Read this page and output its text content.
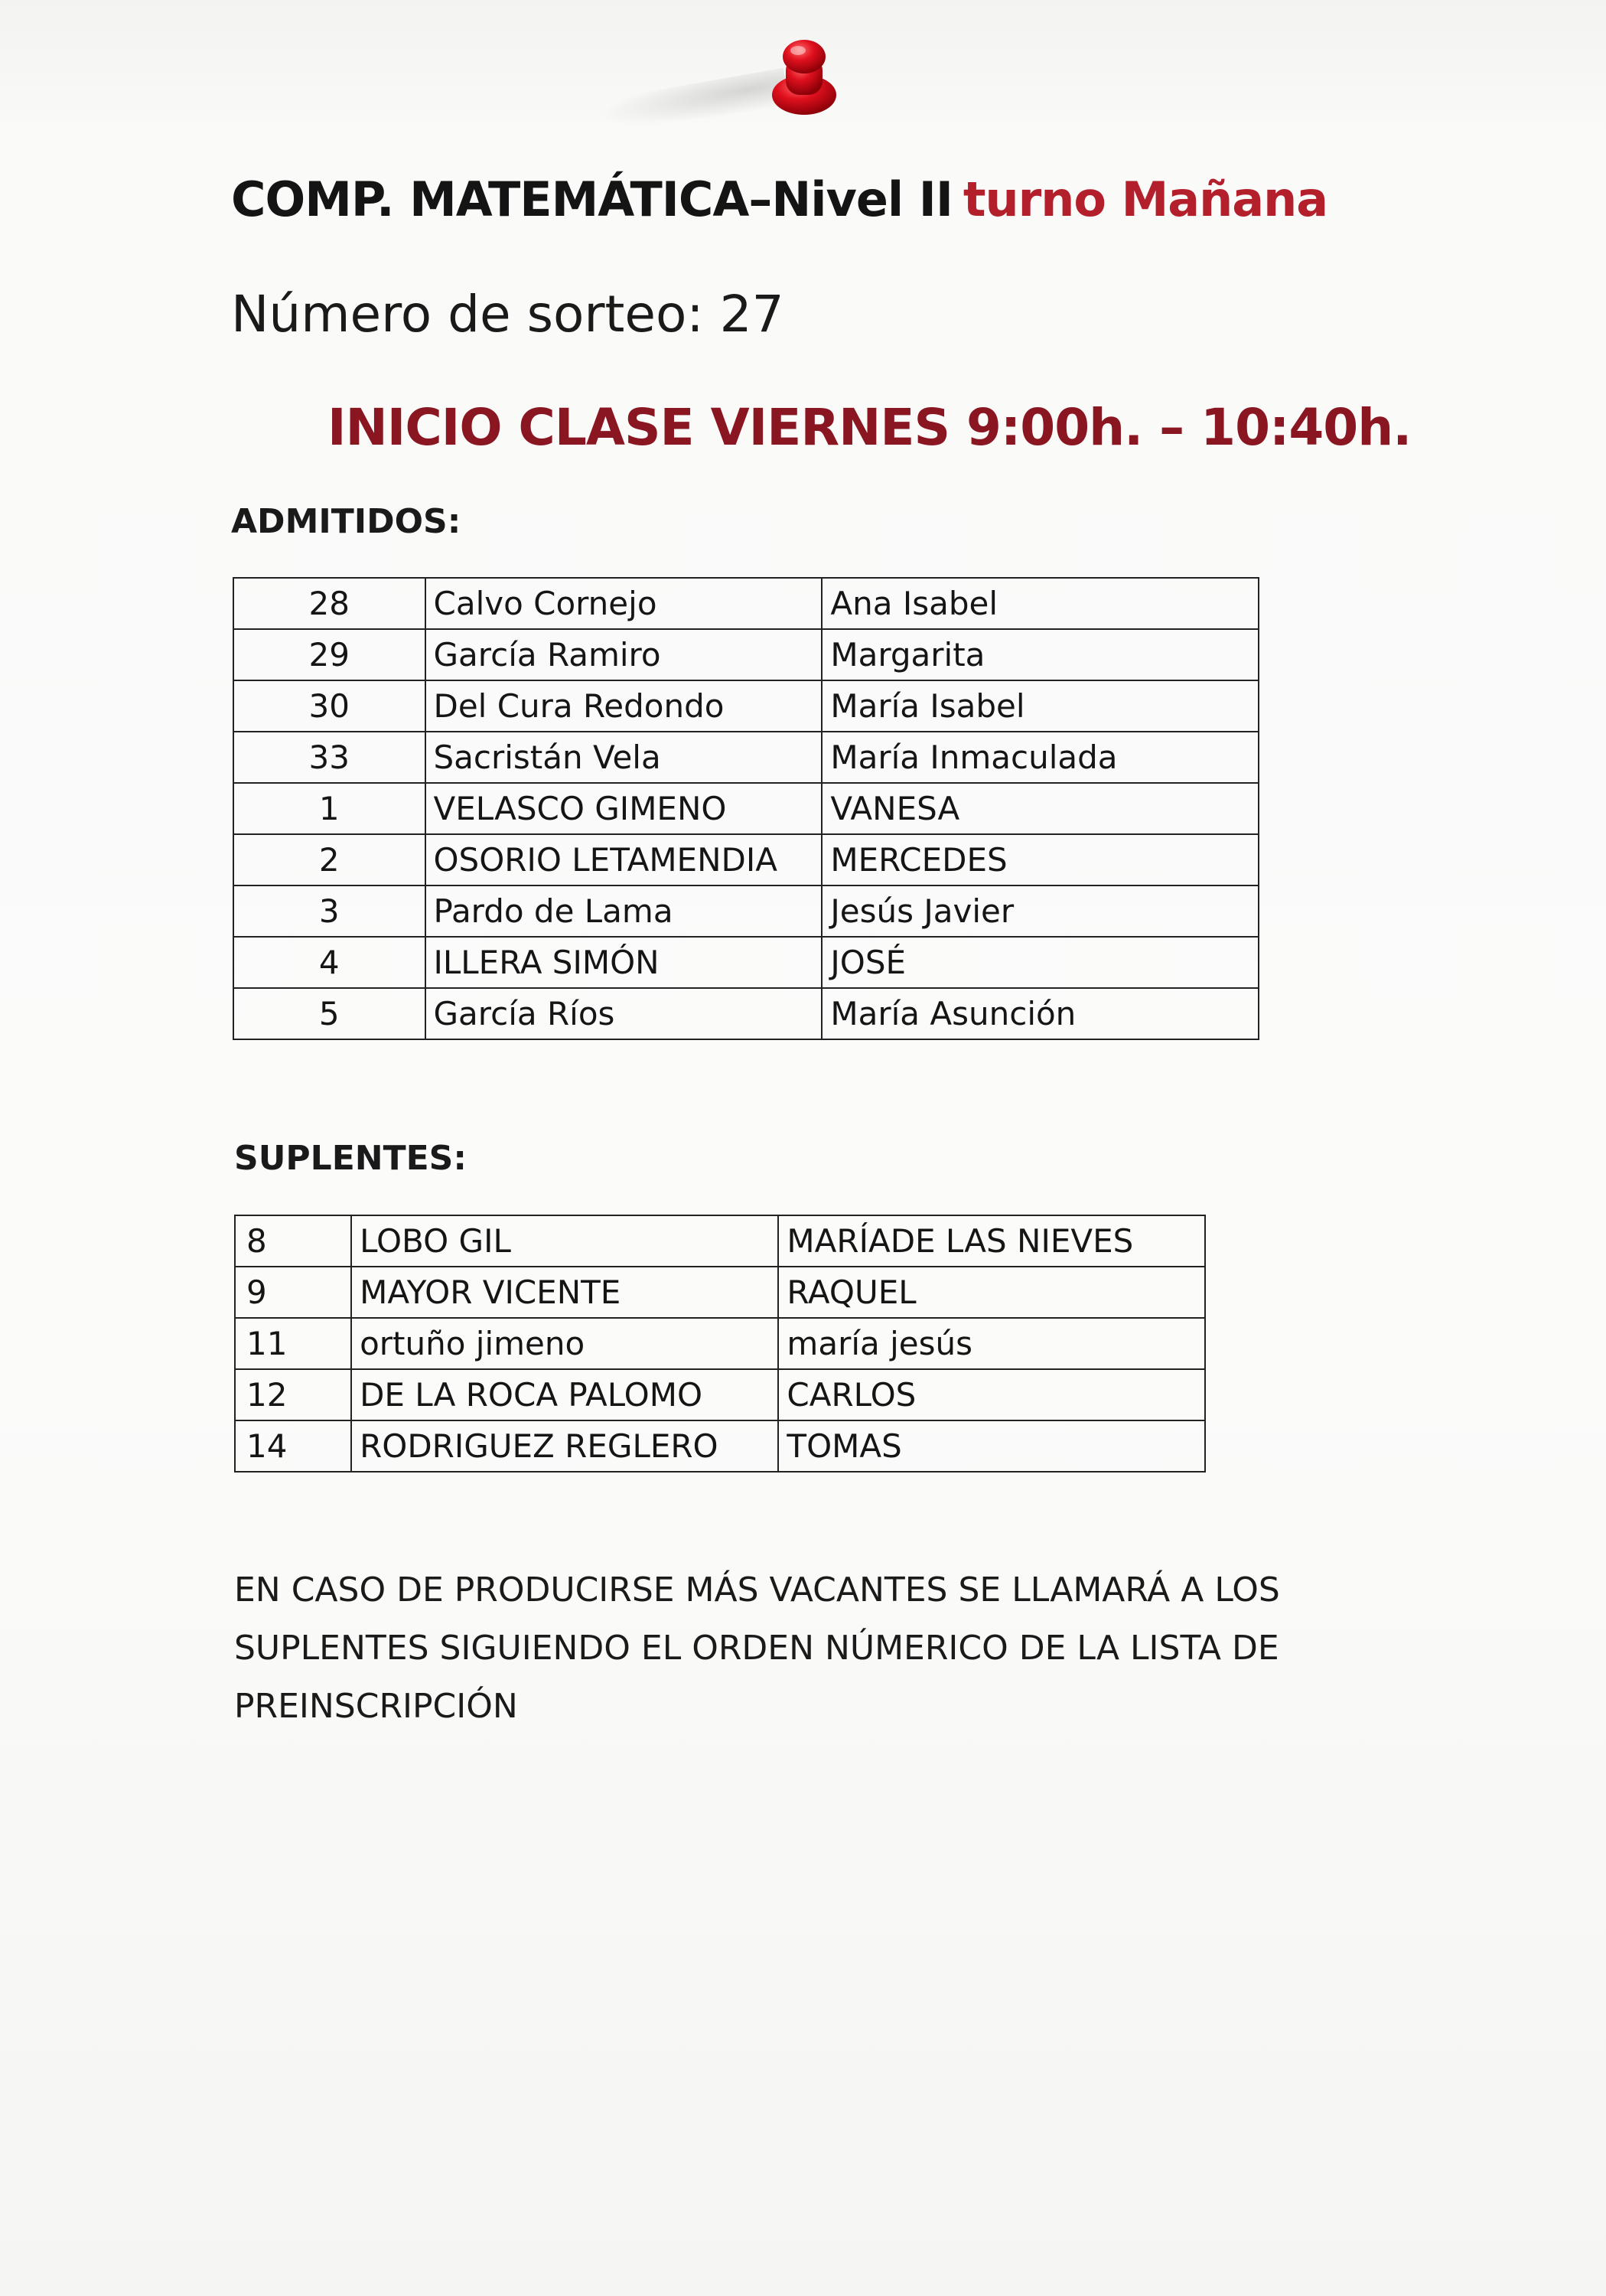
COMP. MATEMÁTICA–Nivel II turno Mañana
Número de sorteo: 27
INICIO CLASE VIERNES 9:00h. – 10:40h.
ADMITIDOS:
28	Calvo Cornejo	Ana Isabel
29	García Ramiro	Margarita
30	Del Cura Redondo	María Isabel
33	Sacristán Vela	María Inmaculada
1	VELASCO GIMENO	VANESA
2	OSORIO LETAMENDIA	MERCEDES
3	Pardo de Lama	Jesús Javier
4	ILLERA SIMÓN	JOSÉ
5	García Ríos	María Asunción
SUPLENTES:
8	LOBO GIL	MARÍADE LAS NIEVES
9	MAYOR VICENTE	RAQUEL
11	ortuño jimeno	maría jesús
12	DE LA ROCA PALOMO	CARLOS
14	RODRIGUEZ REGLERO	TOMAS
EN CASO DE PRODUCIRSE MÁS VACANTES SE LLAMARÁ A LOS
SUPLENTES SIGUIENDO EL ORDEN NÚMERICO DE LA LISTA DE
PREINSCRIPCIÓN
